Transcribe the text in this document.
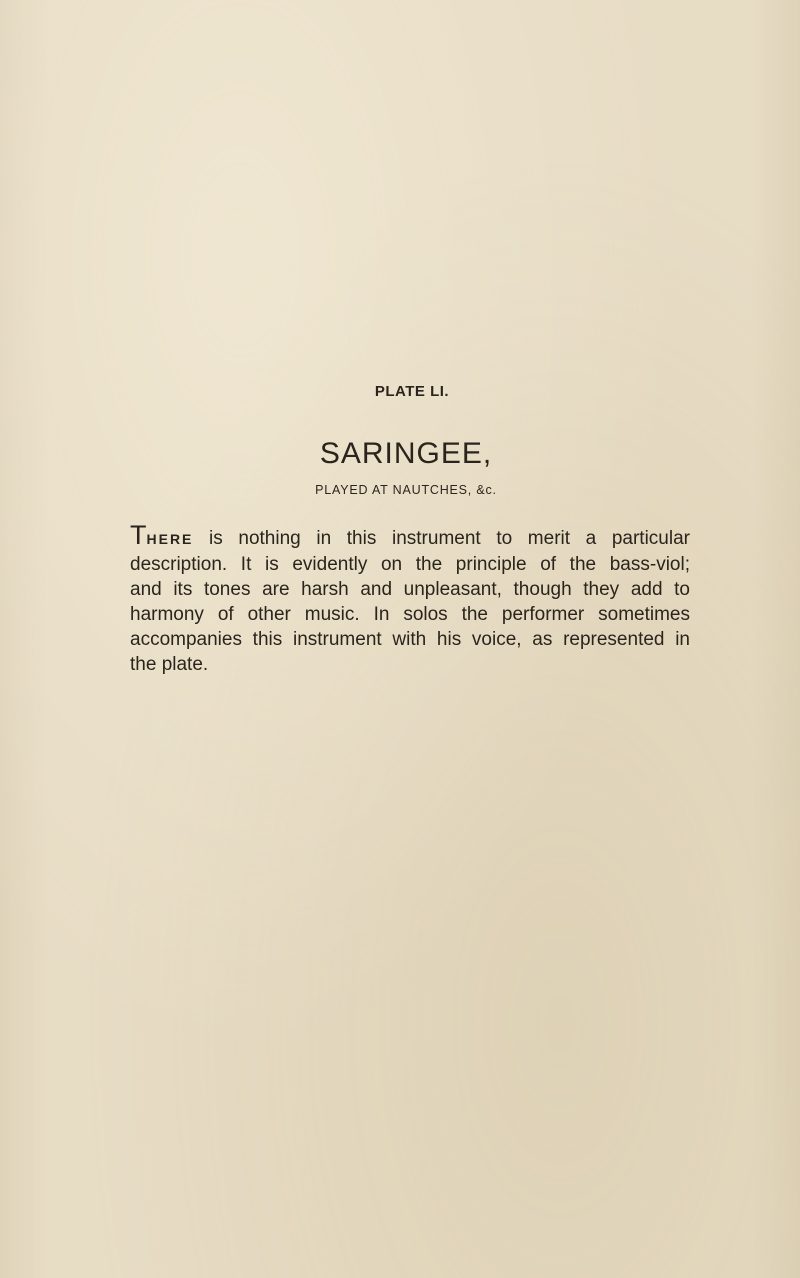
PLATE LI.
SARINGEE,
PLAYED AT NAUTCHES, &c.
THERE is nothing in this instrument to merit a particular
description. It is evidently on the principle of the bass-viol;
and its tones are harsh and unpleasant, though they add to
harmony of other music. In solos the performer sometimes
accompanies this instrument with his voice, as represented in
the plate.
